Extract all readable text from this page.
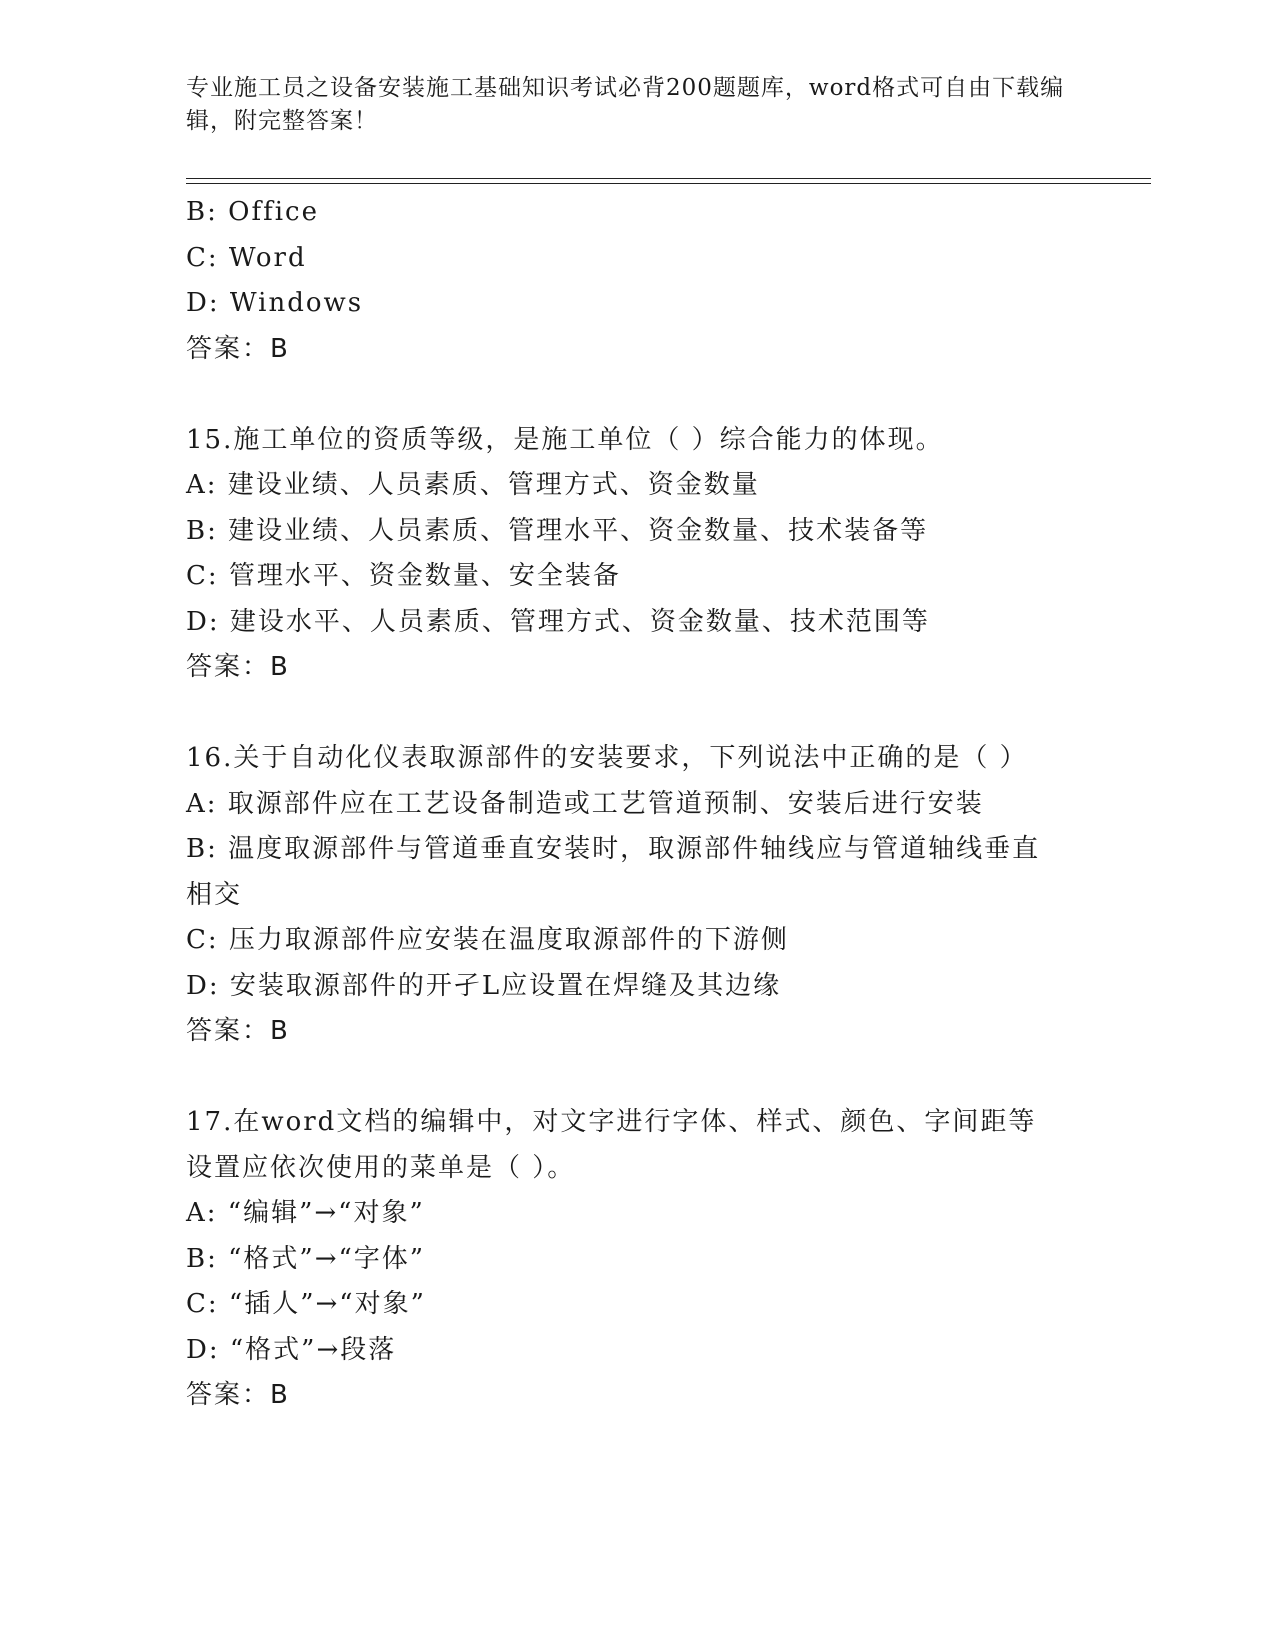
专业施工员之设备安装施工基础知识考试必背200题题库，word格式可自由下载编辑，附完整答案！
B: Office
C: Word
D: Windows
答案：B
15.施工单位的资质等级，是施工单位（ ）综合能力的体现。
A: 建设业绩、人员素质、管理方式、资金数量
B: 建设业绩、人员素质、管理水平、资金数量、技术装备等
C: 管理水平、资金数量、安全装备
D: 建设水平、人员素质、管理方式、资金数量、技术范围等
答案：B
16.关于自动化仪表取源部件的安装要求，下列说法中正确的是（ ）
A: 取源部件应在工艺设备制造或工艺管道预制、安装后进行安装
B: 温度取源部件与管道垂直安装时，取源部件轴线应与管道轴线垂直相交
C: 压力取源部件应安装在温度取源部件的下游侧
D: 安装取源部件的开孑L应设置在焊缝及其边缘
答案：B
17.在word文档的编辑中，对文字进行字体、样式、颜色、字间距等设置应依次使用的菜单是（ ）。
A: “编辑”→“对象”
B: “格式”→“字体”
C: “插人”→“对象”
D: “格式”→段落
答案：B
